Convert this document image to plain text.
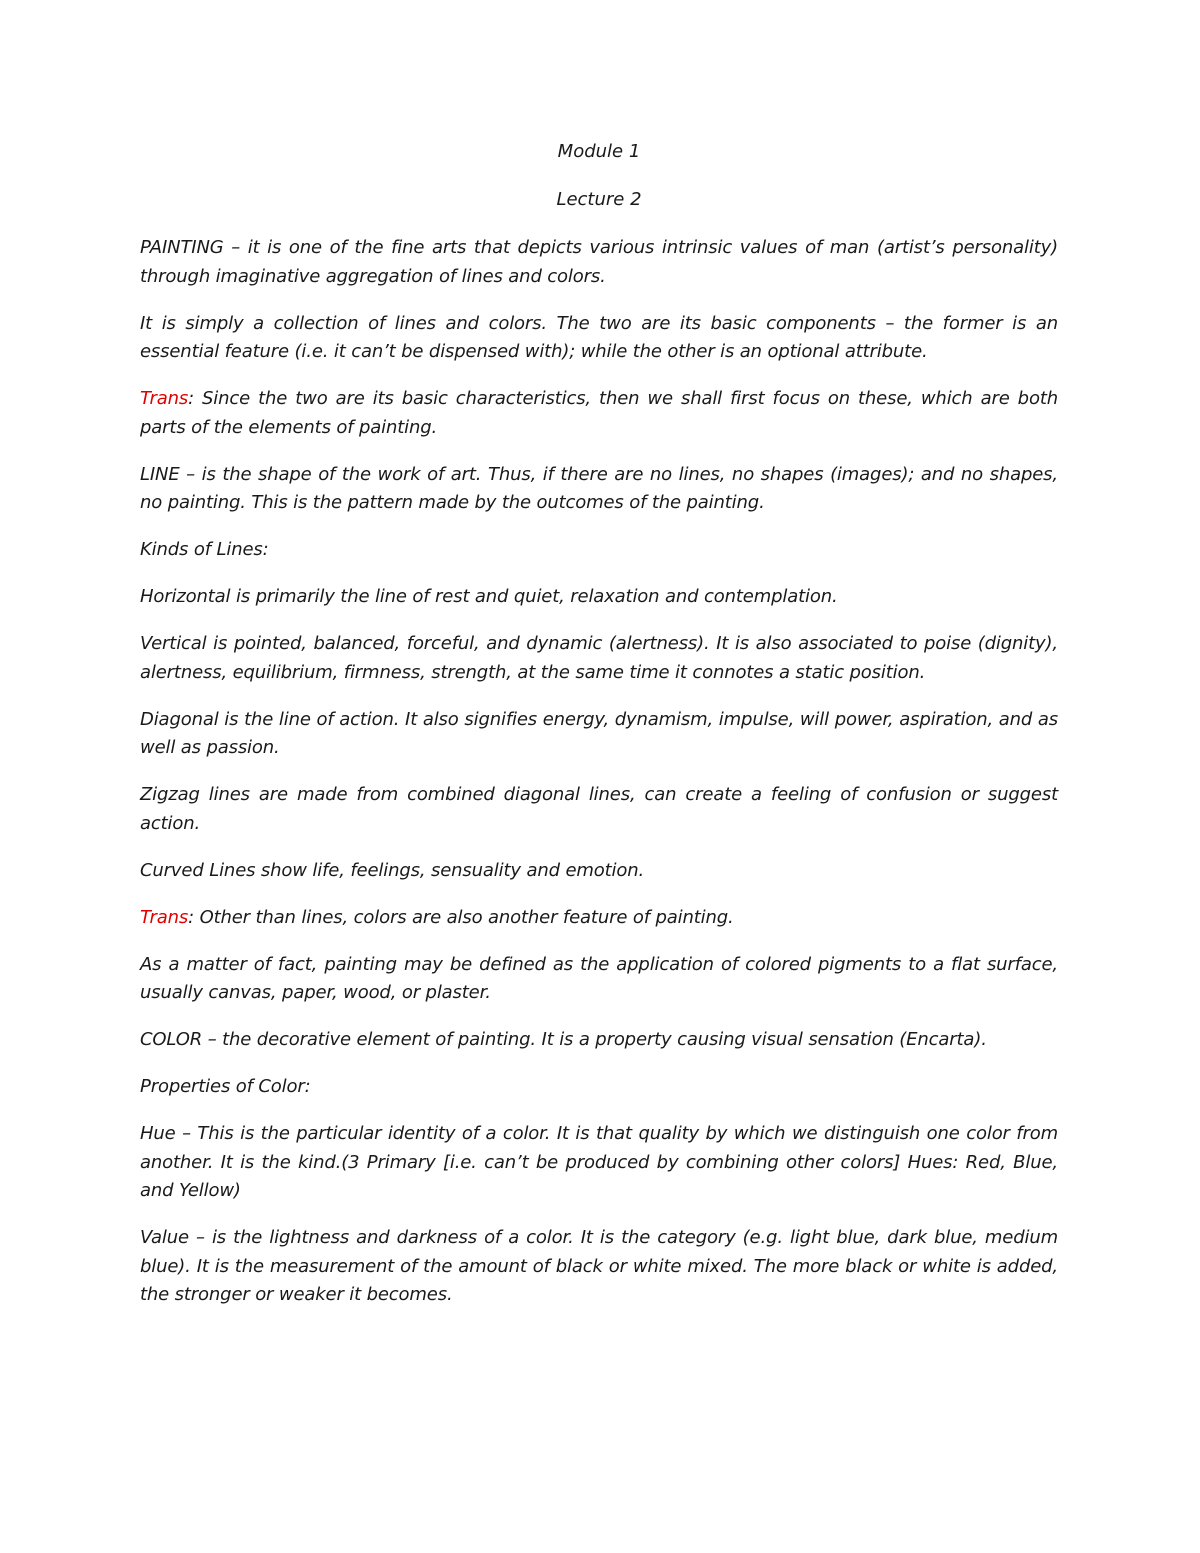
Module 1
Lecture 2

PAINTING – it is one of the fine arts that depicts various intrinsic values of man (artist’s personality) through imaginative aggregation of lines and colors.

It is simply a collection of lines and colors. The two are its basic components – the former is an essential feature (i.e. it can’t be dispensed with); while the other is an optional attribute.

Trans: Since the two are its basic characteristics, then we shall first focus on these, which are both parts of the elements of painting.

LINE – is the shape of the work of art. Thus, if there are no lines, no shapes (images); and no shapes, no painting. This is the pattern made by the outcomes of the painting.

Kinds of Lines:

Horizontal is primarily the line of rest and quiet, relaxation and contemplation.

Vertical is pointed, balanced, forceful, and dynamic (alertness). It is also associated to poise (dignity), alertness, equilibrium, firmness, strength, at the same time it connotes a static position.

Diagonal is the line of action. It also signifies energy, dynamism, impulse, will power, aspiration, and as well as passion.

Zigzag lines are made from combined diagonal lines, can create a feeling of confusion or suggest action.

Curved Lines show life, feelings, sensuality and emotion.

Trans: Other than lines, colors are also another feature of painting.

As a matter of fact, painting may be defined as the application of colored pigments to a flat surface, usually canvas, paper, wood, or plaster.

COLOR – the decorative element of painting. It is a property causing visual sensation (Encarta).

Properties of Color:

Hue – This is the particular identity of a color. It is that quality by which we distinguish one color from another. It is the kind.(3 Primary [i.e. can’t be produced by combining other colors] Hues: Red, Blue, and Yellow)

Value – is the lightness and darkness of a color. It is the category (e.g. light blue, dark blue, medium blue). It is the measurement of the amount of black or white mixed. The more black or white is added, the stronger or weaker it becomes.
